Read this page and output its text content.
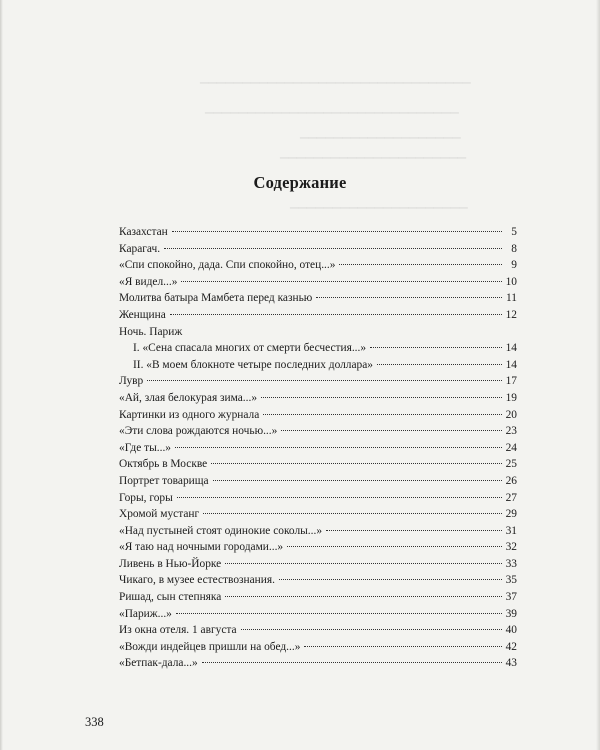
▁▁▁▁▁▁▁▁▁▁▁▁▁▁▁▁▁▁▁▁▁▁▁▁▁▁▁▁▁▁▁▁
▁▁▁▁▁▁▁▁▁▁▁▁▁▁▁▁▁▁▁▁▁▁▁▁▁▁▁▁▁▁
▁▁▁▁▁▁▁▁▁▁▁▁▁▁▁▁▁▁▁
▁▁▁▁▁▁▁▁▁▁▁▁▁▁▁▁▁▁▁▁▁▁
▁▁▁▁▁▁▁▁▁▁▁▁▁▁▁▁▁▁▁▁▁
Содержание
Казахстан	5
Карагач.	8
«Спи спокойно, дада. Спи спокойно, отец...»	9
«Я видел...»	10
Молитва батыра Мамбета перед казнью	11
Женщина	12
Ночь. Париж
I. «Сена спасала многих от смерти бесчестия...»	14
II. «В моем блокноте четыре последних доллара»	14
Лувр	17
«Ай, злая белокурая зима...»	19
Картинки из одного журнала	20
«Эти слова рождаются ночью...»	23
«Где ты...»	24
Октябрь в Москве	25
Портрет товарища	26
Горы, горы	27
Хромой мустанг	29
«Над пустыней стоят одинокие соколы...»	31
«Я таю над ночными городами...»	32
Ливень в Нью-Йорке	33
Чикаго, в музее естествознания.	35
Ришад, сын степняка	37
«Париж...»	39
Из окна отеля. 1 августа	40
«Вожди индейцев пришли на обед...»	42
«Бетпак-дала...»	43
338
